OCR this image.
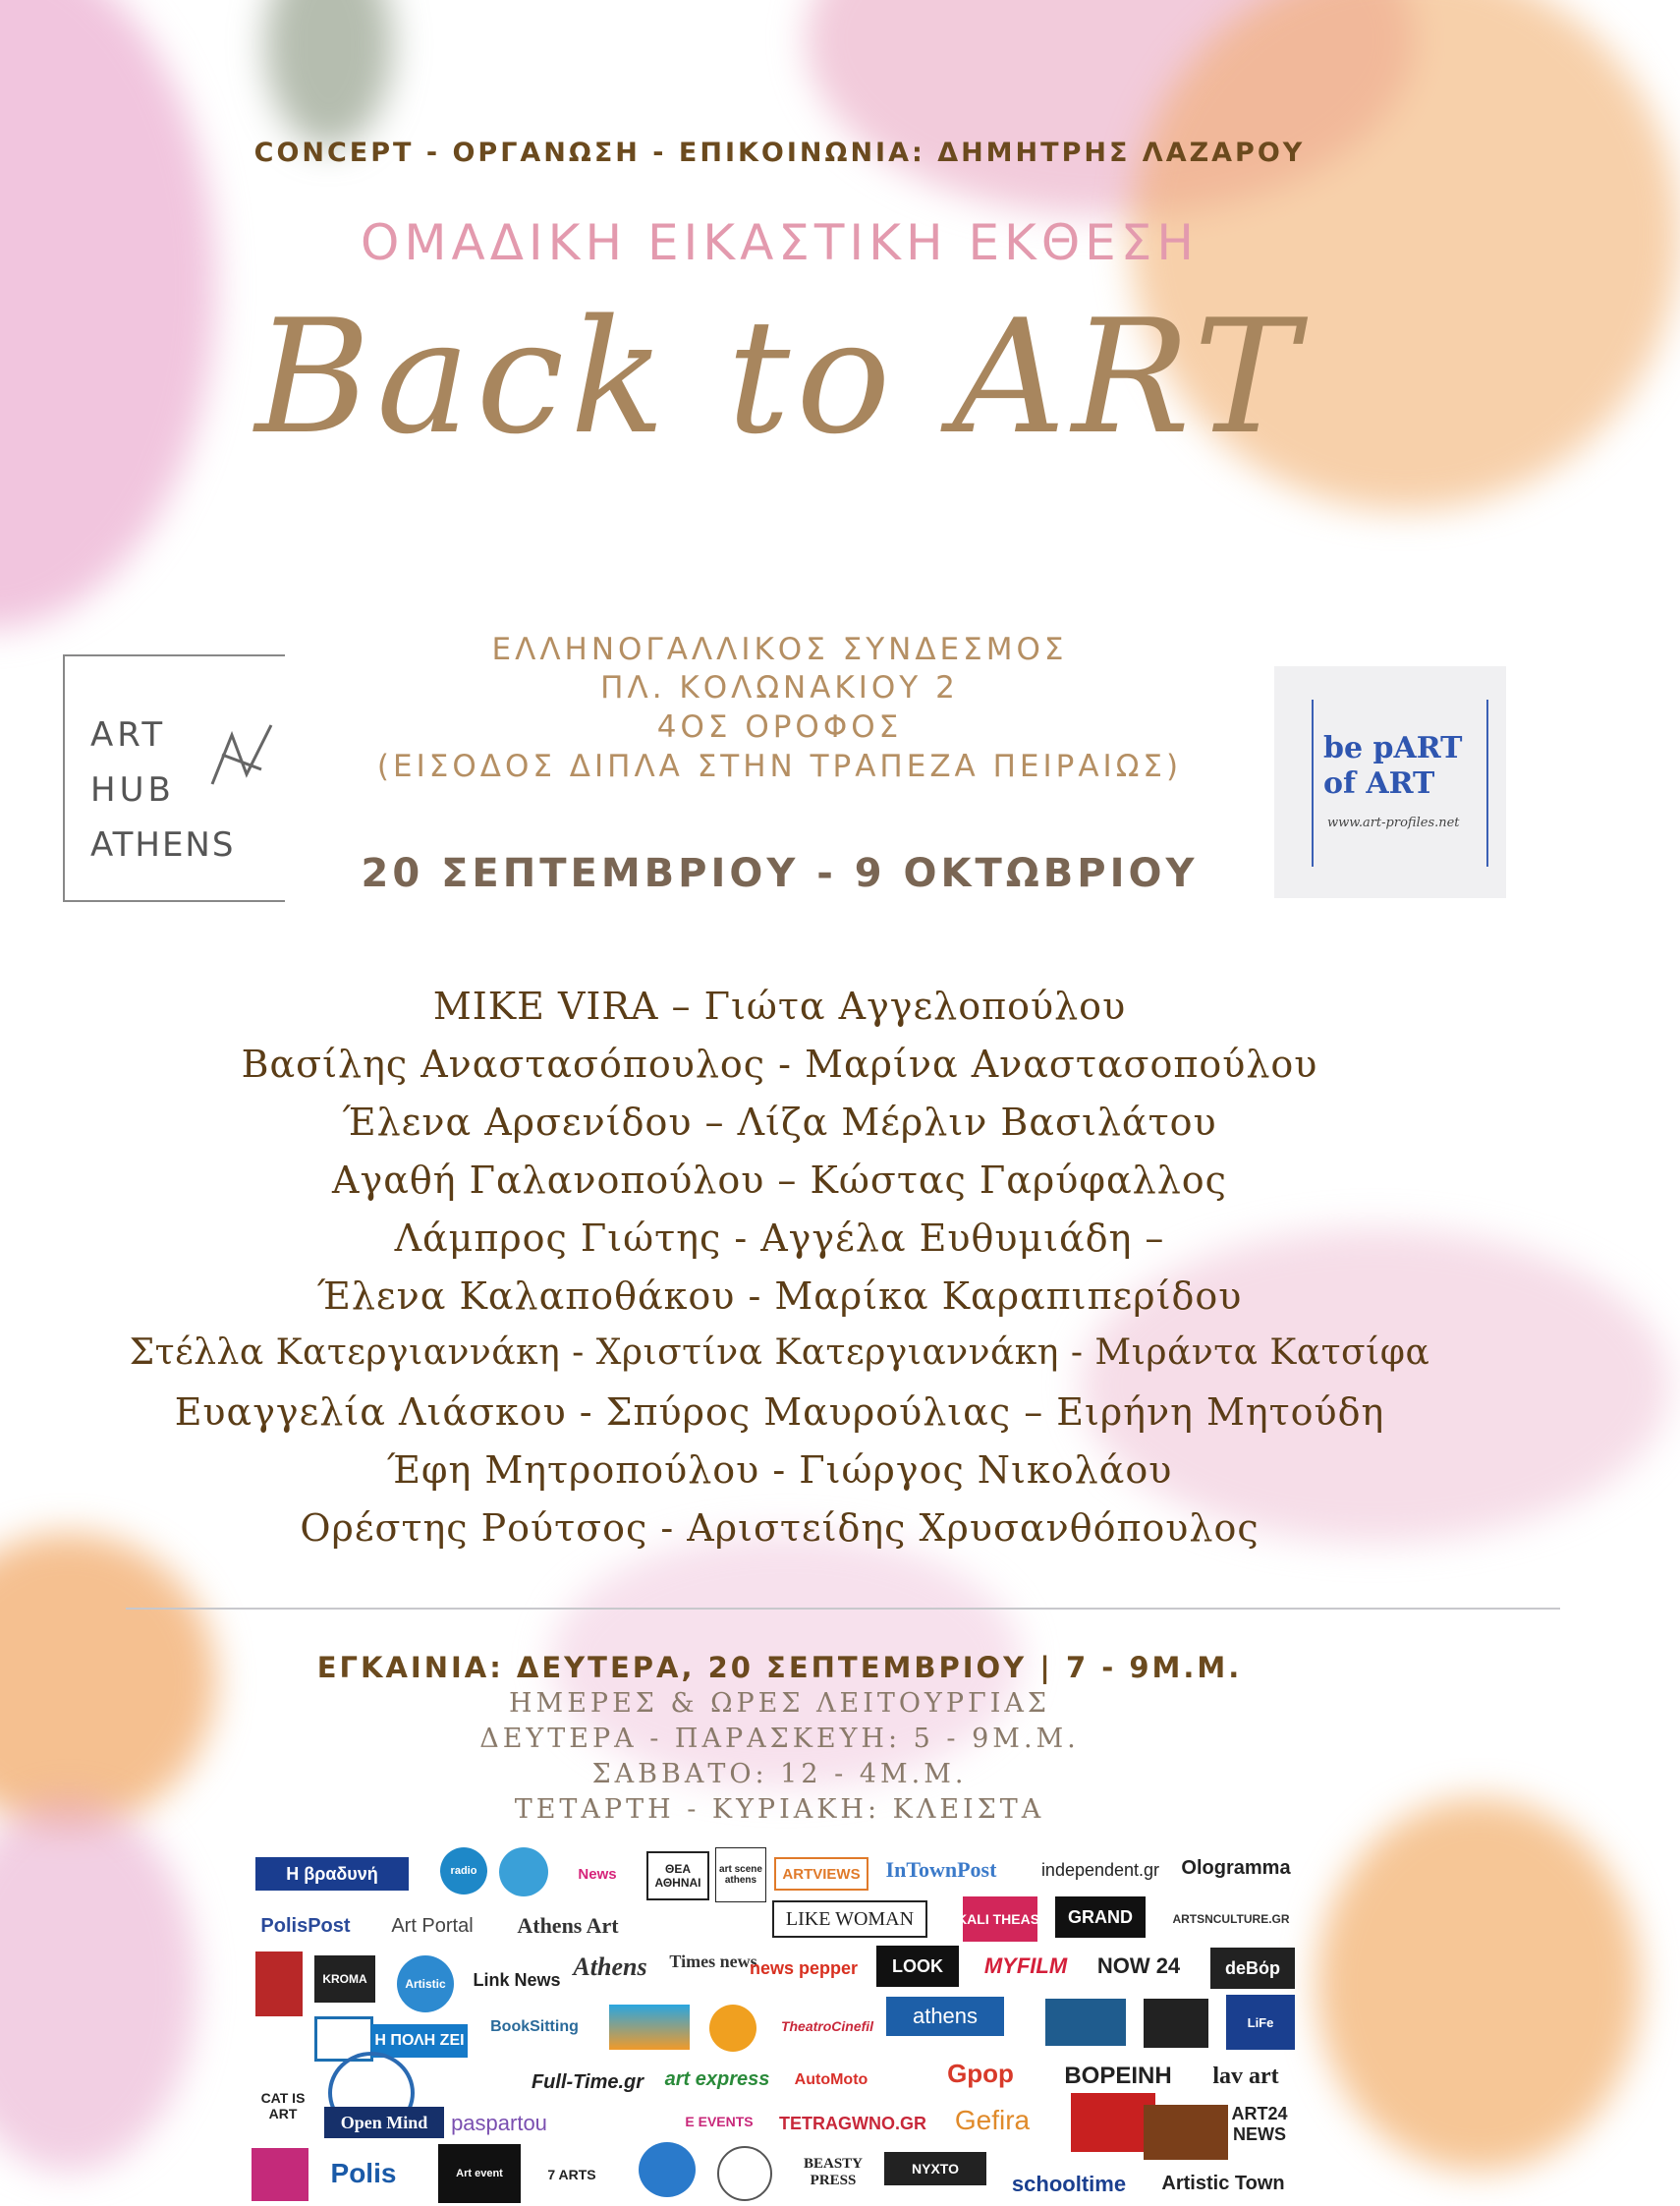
CONCEPT - ΟΡΓΑΝΩΣΗ - ΕΠΙΚΟΙΝΩΝΙΑ: ΔΗΜΗΤΡΗΣ ΛΑΖΑΡΟΥ
ΟΜΑΔΙΚΗ ΕΙΚΑΣΤΙΚΗ ΕΚΘΕΣΗ
Back to ART
ART
HUB
ATHENS
ΕΛΛΗΝΟΓΑΛΛΙΚΟΣ ΣΥΝΔΕΣΜΟΣ
ΠΛ. ΚΟΛΩΝΑΚΙΟΥ 2
4ΟΣ ΟΡΟΦΟΣ
(ΕΙΣΟΔΟΣ ΔΙΠΛΑ ΣΤΗΝ ΤΡΑΠΕΖΑ ΠΕΙΡΑΙΩΣ)
20 ΣΕΠΤΕΜΒΡΙΟΥ - 9 ΟΚΤΩΒΡΙΟΥ
be pART
of ART
www.art-profiles.net
MIKE VIRA – Γιώτα Αγγελοπούλου
Βασίλης Αναστασόπουλος - Μαρίνα Αναστασοπούλου
Έλενα Αρσενίδου – Λίζα Μέρλιν Βασιλάτου
Αγαθή Γαλανοπούλου – Κώστας Γαρύφαλλος
Λάμπρος Γιώτης - Αγγέλα Ευθυμιάδη –
Έλενα Καλαποθάκου - Μαρίκα Καραπιπερίδου
Στέλλα Κατεργιαννάκη - Χριστίνα Κατεργιαννάκη - Μιράντα Κατσίφα
Ευαγγελία Λιάσκου - Σπύρος Μαυρούλιας – Ειρήνη Μητούδη
Έφη Μητροπούλου - Γιώργος Νικολάου
Ορέστης Ρούτσος - Αριστείδης Χρυσανθόπουλος
ΕΓΚΑΙΝΙΑ: ΔΕΥΤΕΡΑ, 20 ΣΕΠΤΕΜΒΡΙΟΥ | 7 - 9Μ.Μ.
ΗΜΕΡΕΣ & ΩΡΕΣ ΛΕΙΤΟΥΡΓΙΑΣ
ΔΕΥΤΕΡΑ - ΠΑΡΑΣΚΕΥΗ: 5 - 9Μ.Μ.
ΣΑΒΒΑΤΟ: 12 - 4Μ.Μ.
ΤΕΤΑΡΤΗ - ΚΥΡΙΑΚΗ: ΚΛΕΙΣΤΑ
Η βραδυνή	radio	News	ΘΕΑ ΑΘΗΝΑΙ
art scene athens	ARTVIEWS	InTownPost	independent.gr	Ologramma
PolisPost	Art Portal	Athens Art
Times news
LIKE WOMAN	KALI THEASI	GRAND	ARTSNCULTURE.GR
KROMA	Artistic	Link News Athens	news pepper	LOOK	MYFILM NOW 24	deBόp
Η ΠΟΛΗ ΖΕΙ
BookSitting	TheatroCinefil	athens	LiFe
CAT IS ART
Full-Time.gr art express	AutoMoto	Gpop	ΒΟΡΕΙΝΗ	lav art
Open Mind	paspartou	E EVENTS	TETRAGWNO.GR	Gefira	ART24 NEWS
Polis	Art event	7 ARTS
BEASTY PRESS
NYXTO
schooltime	Artistic Town
